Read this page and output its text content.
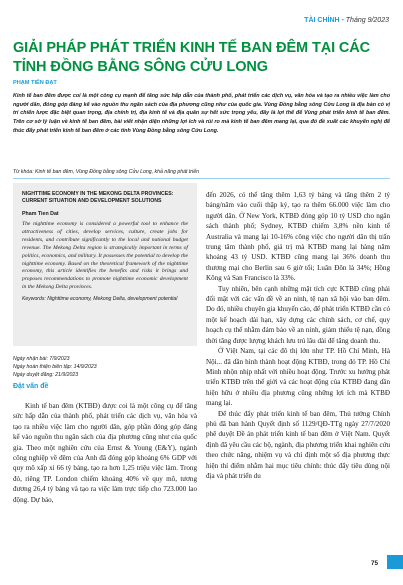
TÀI CHÍNH - Tháng 9/2023
GIẢI PHÁP PHÁT TRIỂN KINH TẾ BAN ĐÊM TẠI CÁC TỈNH ĐỒNG BẰNG SÔNG CỬU LONG
PHẠM TIẾN ĐẠT
Kinh tế ban đêm được coi là một công cụ mạnh để tăng sức hấp dẫn của thành phố, phát triển các dịch vụ, văn hóa và tạo ra nhiều việc làm cho người dân, đóng góp đáng kể vào nguồn thu ngân sách của địa phương cũng như của quốc gia. Vùng Đồng bằng sông Cửu Long là địa bàn có vị trí chiến lược đặc biệt quan trọng, địa chính trị, địa kinh tế và địa quân sự hết sức trọng yếu, đây là lợi thế để Vùng phát triển kinh tế ban đêm. Trên cơ sở lý luận về kinh tế ban đêm, bài viết nhận diện những lợi ích và rủi ro mà kinh tế ban đêm mang lại, qua đó đề xuất các khuyến nghị để thúc đẩy phát triển kinh tế ban đêm ở các tỉnh Vùng Đồng bằng sông Cửu Long.
Từ khóa: Kinh tế ban đêm, Vùng Đồng bằng sông Cửu Long, khả năng phát triển
NIGHTTIME ECONOMY IN THE MEKONG DELTA PROVINCES: CURRENT SITUATION AND DEVELOPMENT SOLUTIONS
Pham Tien Dat
The nighttime economy is considered a powerful tool to enhance the attractiveness of cities, develop services, culture, create jobs for residents, and contribute significantly to the local and national budget revenue. The Mekong Delta region is strategically important in terms of politics, economics, and military. It possesses the potential to develop the nighttime economy. Based on the theoretical framework of the nighttime economy, this article identifies the benefits and risks it brings and proposes recommendations to promote nighttime economic development in the Mekong Delta provinces.
Keywords: Nighttime economy, Mekong Delta, development potential
Ngày nhận bài: 7/9/2023
Ngày hoàn thiện biên tập: 14/9/2023
Ngày duyệt đăng: 21/9/2023
Đặt vấn đề

Kinh tế ban đêm (KTBĐ) được coi là một công cụ để tăng sức hấp dẫn của thành phố, phát triển các dịch vụ, văn hóa và tạo ra nhiều việc làm cho người dân, góp phần đóng góp đáng kể vào nguồn thu ngân sách của địa phương cũng như của quốc gia. Theo một nghiên cứu của Ernst & Young (E&Y), ngành công nghiệp về đêm của Anh đã đóng góp khoảng 6% GDP với quy mô xấp xỉ 66 tỷ bảng, tạo ra hơn 1,25 triệu việc làm. Trong đó, riêng TP. London chiếm khoảng 40% về quy mô, tương đương 26,4 tỷ bảng và tạo ra việc làm trực tiếp cho 723.000 lao động. Dự báo,

đến 2026, có thể tăng thêm 1,63 tỷ bảng và tăng thêm 2 tỷ bảng/năm vào cuối thập kỷ, tạo ra thêm 66.000 việc làm cho người dân. Ở New York, KTBĐ đóng góp 10 tỷ USD cho ngân sách thành phố; Sydney, KTBĐ chiếm 3,8% nền kinh tế Australia và mang lại 10-16% công việc cho người dân thị trấn trung tâm thành phố, giá trị mà KTBĐ mang lại hàng năm khoảng 43 tỷ USD. KTBĐ cũng mang lại 36% doanh thu thương mại cho Berlin sau 6 giờ tối; Luân Đôn là 34%; Hồng Kông và San Francisco là 33%.

Tuy nhiên, bên cạnh những mặt tích cực KTBĐ cũng phải đối mặt với các vấn đề về an ninh, tệ nạn xã hội vào ban đêm. Do đó, nhiều chuyên gia khuyến cáo, để phát triển KTBĐ cần có một kế hoạch dài hạn, xây dựng các chính sách, cơ chế, quy hoạch cụ thể nhằm đảm bảo về an ninh, giảm thiểu tệ nạn, đồng thời tăng được lượng khách lưu trú lâu dài để tăng doanh thu.

Ở Việt Nam, tại các đô thị lớn như TP. Hồ Chí Minh, Hà Nội... đã dần hình thành hoạt động KTBĐ, trong đó TP. Hồ Chí Minh nhộn nhịp nhất với nhiều hoạt động. Trước xu hướng phát triển KTBĐ trên thế giới và các hoạt động của KTBĐ đang dần hiện hữu ở nhiều địa phương cũng những lợi ích mà KTBĐ mang lại.

Để thúc đẩy phát triển kinh tế ban đêm, Thủ tướng Chính phủ đã ban hành Quyết định số 1129/QĐ-TTg ngày 27/7/2020 phê duyệt Đề án phát triển kinh tế ban đêm ở Việt Nam. Quyết định đã yêu cầu các bộ, ngành, địa phương triển khai nghiên cứu theo chức năng, nhiệm vụ và chỉ định một số địa phương thực hiện thí điểm nhằm hai mục tiêu chính: thúc đẩy tiêu dùng nội địa và phát triển du

75
